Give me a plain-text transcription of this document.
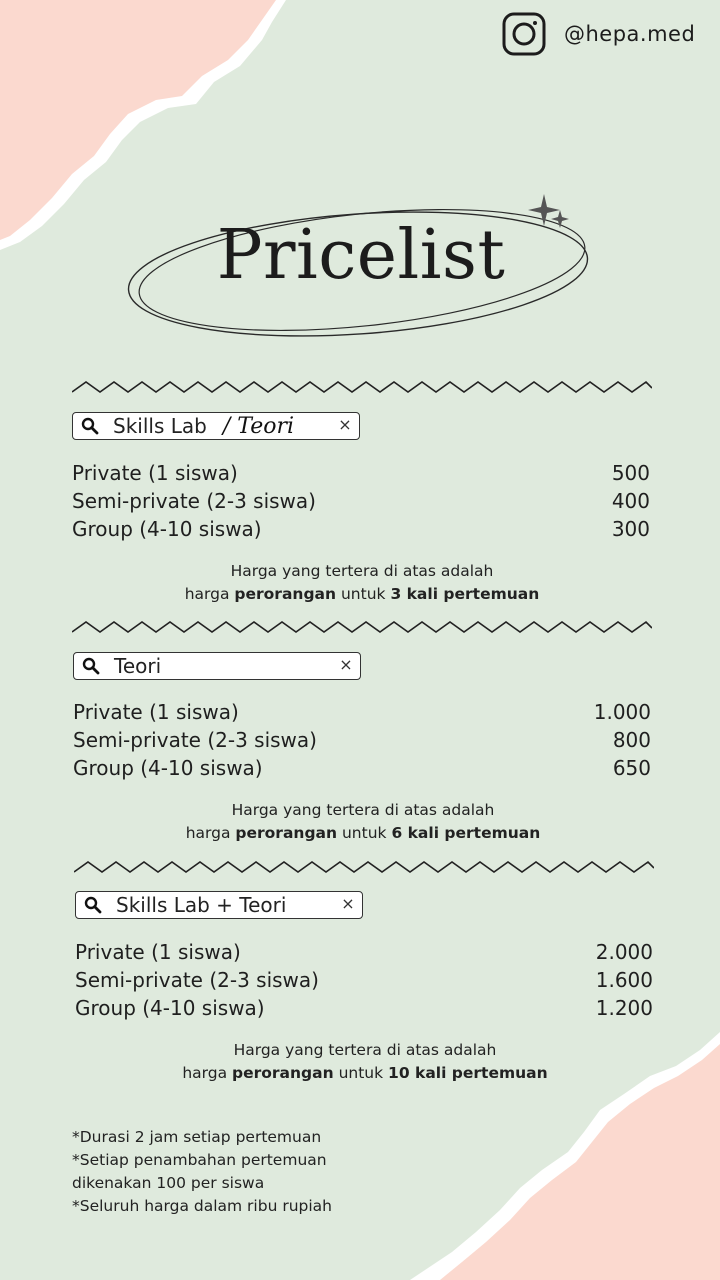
@hepa.med
Pricelist
Skills Lab / Teori	×
Private (1 siswa)	500
Semi-private (2-3 siswa)	400
Group (4-10 siswa)	300
Harga yang tertera di atas adalah
harga perorangan untuk 3 kali pertemuan
Teori	×
Private (1 siswa)	1.000
Semi-private (2-3 siswa)	800
Group (4-10 siswa)	650
Harga yang tertera di atas adalah
harga perorangan untuk 6 kali pertemuan
Skills Lab + Teori	×
Private (1 siswa)	2.000
Semi-private (2-3 siswa)	1.600
Group (4-10 siswa)	1.200
Harga yang tertera di atas adalah
harga perorangan untuk 10 kali pertemuan
*Durasi 2 jam setiap pertemuan
*Setiap penambahan pertemuan
dikenakan 100 per siswa
*Seluruh harga dalam ribu rupiah
